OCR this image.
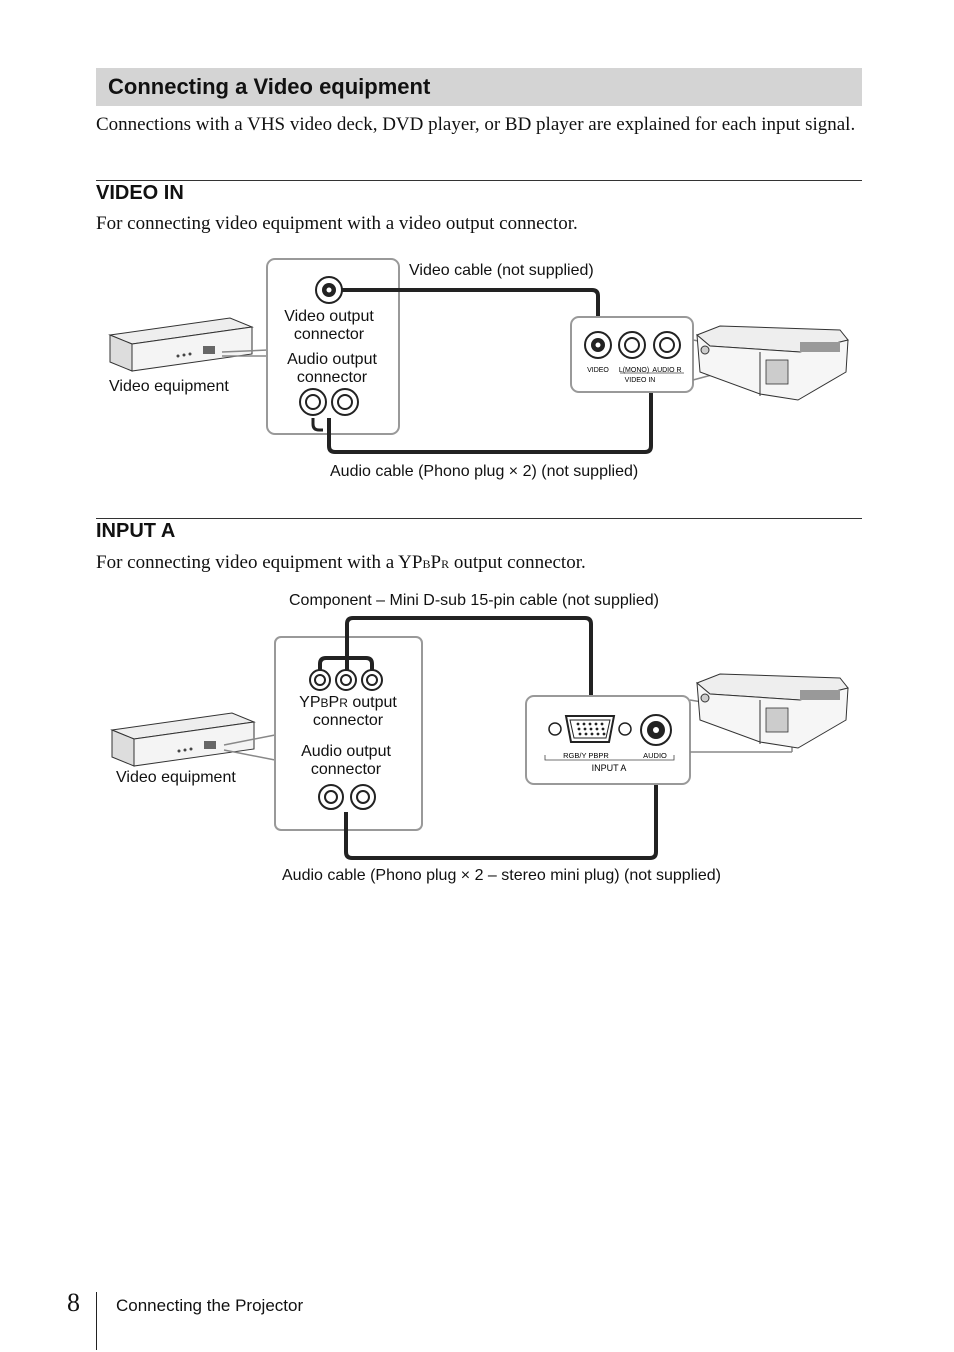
Connecting a Video equipment
Connections with a VHS video deck, DVD player, or BD player are explained for each input signal.
VIDEO IN
For connecting video equipment with a video output connector.
VIDEO L(MONO) AUDIO R
VIDEO IN
Video cable (not supplied)
Video output connector
Audio output connector
Video equipment
Audio cable (Phono plug × 2) (not supplied)
INPUT A
For connecting video equipment with a YPBPR output connector.
RGB/Y PBPR	AUDIO
INPUT A
Component – Mini D-sub 15-pin cable (not supplied)
YPBPR output
connector
Audio output connector
Video equipment
Audio cable (Phono plug × 2 – stereo mini plug) (not supplied)
8 Connecting the Projector
